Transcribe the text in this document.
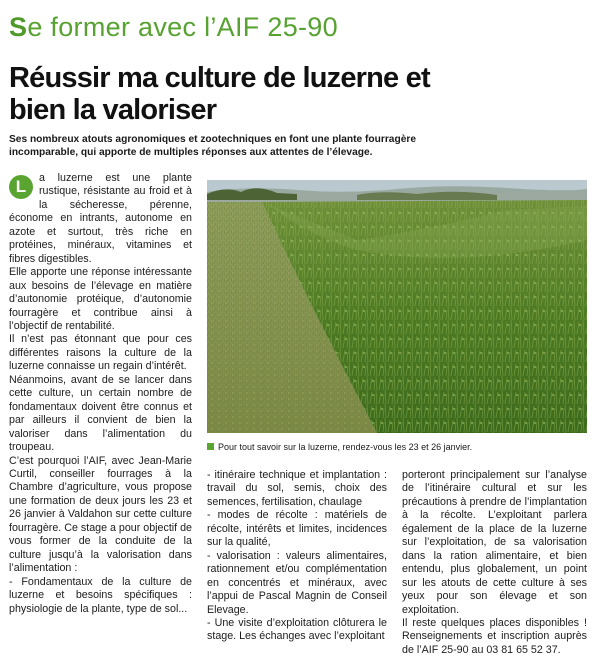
Se former avec l’AIF 25-90
Réussir ma culture de luzerne et bien la valoriser
Ses nombreux atouts agronomiques et zootechniques en font une plante fourragère incomparable, qui apporte de multiples réponses aux attentes de l’élevage.

L	a luzerne est une plante rustique, résistante au froid et à la sécheresse, pérenne, économe en intrants, autonome en azote et surtout, très riche en protéines, minéraux, vitamines et fibres digestibles.

Elle apporte une réponse intéressante aux besoins de l’élevage en matière d’autonomie protéique, d’autonomie fourragère et contribue ainsi à l’objectif de rentabilité.

Il n’est pas étonnant que pour ces différentes raisons la culture de la luzerne connaisse un regain d’intérêt.

Néanmoins, avant de se lancer dans cette culture, un certain nombre de fondamentaux doivent être connus et par ailleurs il convient de bien la valoriser dans l’alimentation du troupeau.

C’est pourquoi l’AIF, avec Jean-Marie Curtil, conseiller fourrages à la Chambre d’agriculture, vous propose une formation de deux jours les 23 et 26 janvier à Valdahon sur cette culture fourragère. Ce stage a pour objectif de vous former de la conduite de la culture jusqu’à la valorisation dans l’alimentation :

- Fondamentaux de la culture de luzerne et besoins spécifiques : physiologie de la plante, type de sol...

Pour tout savoir sur la luzerne, rendez-vous les 23 et 26 janvier.

- itinéraire technique et implantation : travail du sol, semis, choix des semences, fertilisation, chaulage

- modes de récolte : matériels de récolte, intérêts et limites, incidences sur la qualité,

- valorisation : valeurs alimentaires, rationnement et/ou complémentation en concentrés et minéraux, avec l’appui de Pascal Magnin de Conseil Elevage.

- Une visite d’exploitation clôturera le stage. Les échanges avec l’exploitant

porteront principalement sur l’analyse de l’itinéraire cultural et sur les précautions à prendre de l’implantation à la récolte. L’exploitant parlera également de la place de la luzerne sur l’exploitation, de sa valorisation dans la ration alimentaire, et bien entendu, plus globalement, un point sur les atouts de cette culture à ses yeux pour son élevage et son exploitation.

Il reste quelques places disponibles ! Renseignements et inscription auprès de l’AIF 25-90 au 03 81 65 52 37.
